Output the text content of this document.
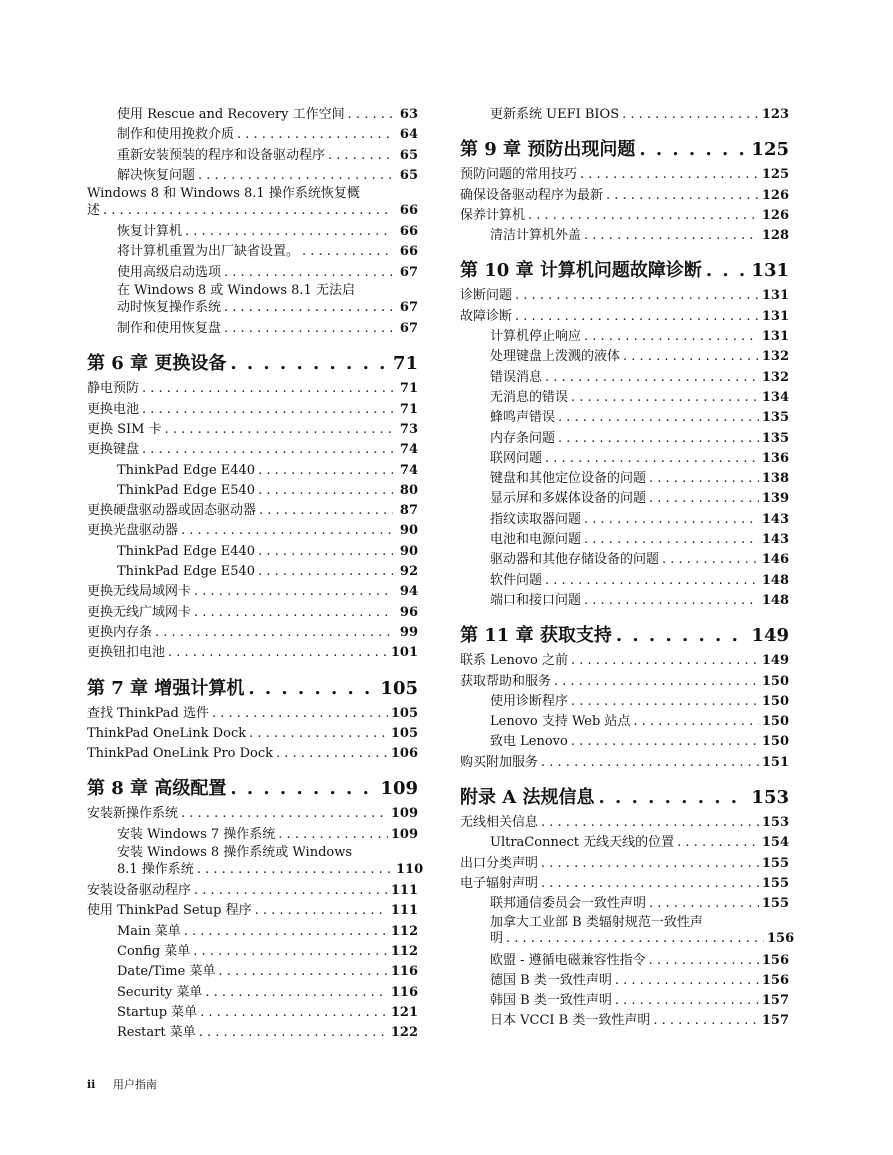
使用 Rescue and Recovery 工作空间 . . .	63
制作和使用挽救介质 . . .	64
重新安装预装的程序和设备驱动程序 . . .	65
解决恢复问题 . . .	65
Windows 8 和 Windows 8.1 操作系统恢复概
述 . . .	66
恢复计算机 . . .	66
将计算机重置为出厂缺省设置。 . . .	66
使用高级启动选项 . . .	67
在 Windows 8 或 Windows 8.1 无法启
动时恢复操作系统 . . .	67
制作和使用恢复盘 . . .	67
第 6 章 更换设备 . . .	71
静电预防 . . .	71
更换电池 . . .	71
更换 SIM 卡 . . .	73
更换键盘 . . .	74
ThinkPad Edge E440 . . .	74
ThinkPad Edge E540 . . .	80
更换硬盘驱动器或固态驱动器 . . .	87
更换光盘驱动器 . . .	90
ThinkPad Edge E440 . . .	90
ThinkPad Edge E540 . . .	92
更换无线局域网卡 . . .	94
更换无线广域网卡 . . .	96
更换内存条 . . .	99
更换钮扣电池 . . .	101
第 7 章 增强计算机 . . .	105
查找 ThinkPad 选件 . . .	105
ThinkPad OneLink Dock . . .	105
ThinkPad OneLink Pro Dock . . .	106
第 8 章 高级配置 . . .	109
安装新操作系统 . . .	109
安装 Windows 7 操作系统 . . .	109
安装 Windows 8 操作系统或 Windows
8.1 操作系统 . . .	110
安装设备驱动程序 . . .	111
使用 ThinkPad Setup 程序 . . .	111
Main 菜单 . . .	112
Config 菜单 . . .	112
Date/Time 菜单 . . .	116
Security 菜单 . . .	116
Startup 菜单 . . .	121
Restart 菜单 . . .	122
更新系统 UEFI BIOS . . .	123
第 9 章 预防出现问题 . . .	125
预防问题的常用技巧 . . .	125
确保设备驱动程序为最新 . . .	126
保养计算机 . . .	126
清洁计算机外盖 . . .	128
第 10 章 计算机问题故障诊断 . . .	131
诊断问题 . . .	131
故障诊断 . . .	131
计算机停止响应 . . .	131
处理键盘上泼溅的液体 . . .	132
错误消息 . . .	132
无消息的错误 . . .	134
蜂鸣声错误 . . .	135
内存条问题 . . .	135
联网问题 . . .	136
键盘和其他定位设备的问题 . . .	138
显示屏和多媒体设备的问题 . . .	139
指纹读取器问题 . . .	143
电池和电源问题 . . .	143
驱动器和其他存储设备的问题 . . .	146
软件问题 . . .	148
端口和接口问题 . . .	148
第 11 章 获取支持 . . .	149
联系 Lenovo 之前 . . .	149
获取帮助和服务 . . .	150
使用诊断程序 . . .	150
Lenovo 支持 Web 站点 . . .	150
致电 Lenovo . . .	150
购买附加服务 . . .	151
附录 A 法规信息 . . .	153
无线相关信息 . . .	153
UltraConnect 无线天线的位置 . . .	154
出口分类声明 . . .	155
电子辐射声明 . . .	155
联邦通信委员会一致性声明 . . .	155
加拿大工业部 B 类辐射规范一致性声
明 . . .	156
欧盟 - 遵循电磁兼容性指令 . . .	156
德国 B 类一致性声明 . . .	156
韩国 B 类一致性声明 . . .	157
日本 VCCI B 类一致性声明 . . .	157
ii 用户指南
